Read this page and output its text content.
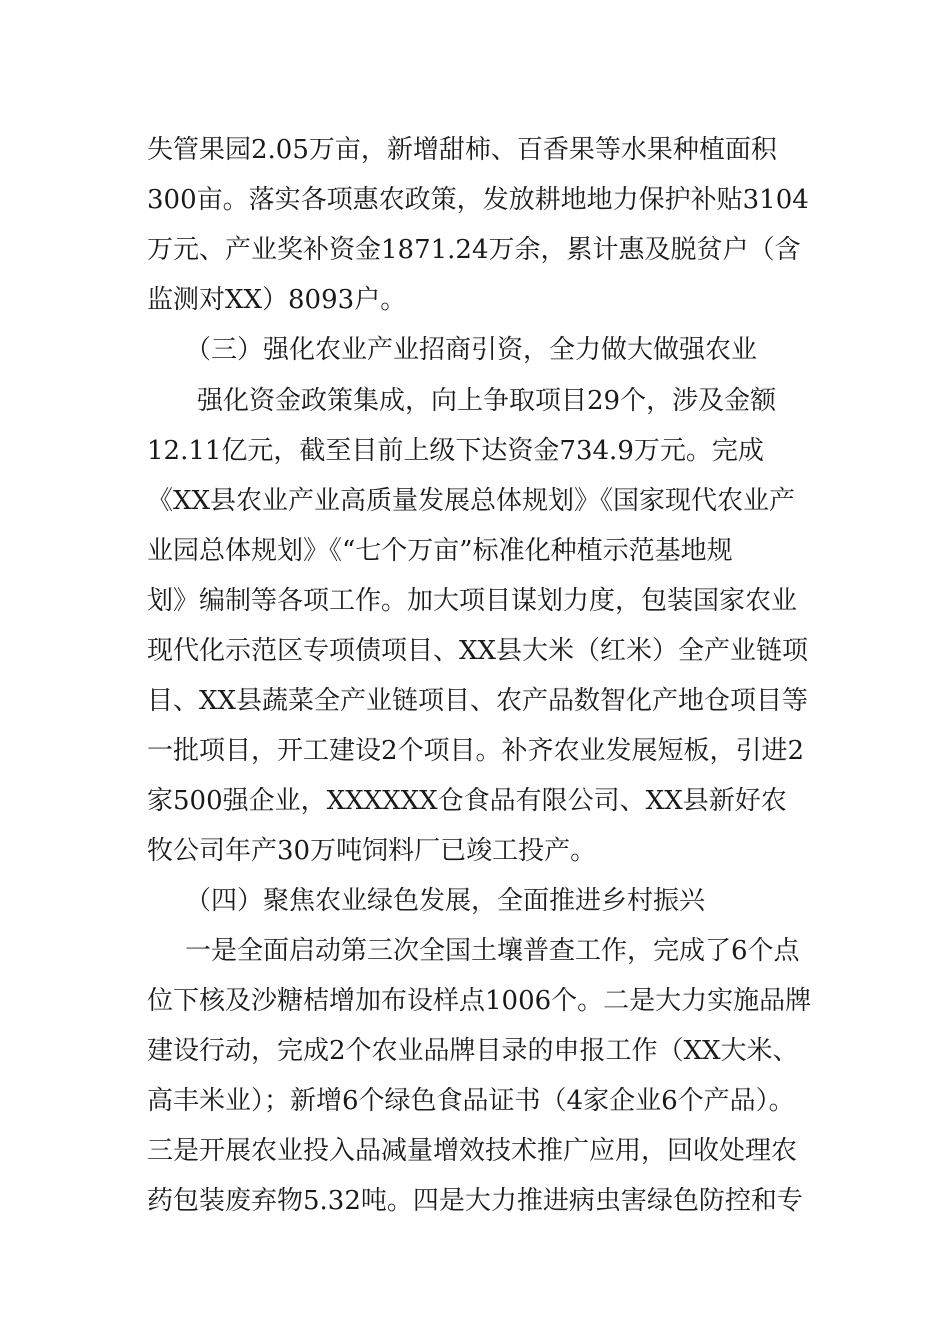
失管果园2.05万亩，新增甜柿、百香果等水果种植面积
300亩。落实各项惠农政策，发放耕地地力保护补贴3104
万元、产业奖补资金1871.24万余，累计惠及脱贫户（含
监测对XX）8093户。
（三）强化农业产业招商引资，全力做大做强农业
强化资金政策集成，向上争取项目29个，涉及金额
12.11亿元，截至目前上级下达资金734.9万元。完成
《XX县农业产业高质量发展总体规划》《国家现代农业产
业园总体规划》《“七个万亩”标准化种植示范基地规
划》编制等各项工作。加大项目谋划力度，包装国家农业
现代化示范区专项债项目、XX县大米（红米）全产业链项
目、XX县蔬菜全产业链项目、农产品数智化产地仓项目等
一批项目，开工建设2个项目。补齐农业发展短板，引进2
家500强企业，XXXXXX仓食品有限公司、XX县新好农
牧公司年产30万吨饲料厂已竣工投产。
（四）聚焦农业绿色发展，全面推进乡村振兴
一是全面启动第三次全国土壤普查工作，完成了6个点
位下核及沙糖桔增加布设样点1006个。二是大力实施品牌
建设行动，完成2个农业品牌目录的申报工作（XX大米、
高丰米业）；新增6个绿色食品证书（4家企业6个产品）。
三是开展农业投入品减量增效技术推广应用，回收处理农
药包装废弃物5.32吨。四是大力推进病虫害绿色防控和专
